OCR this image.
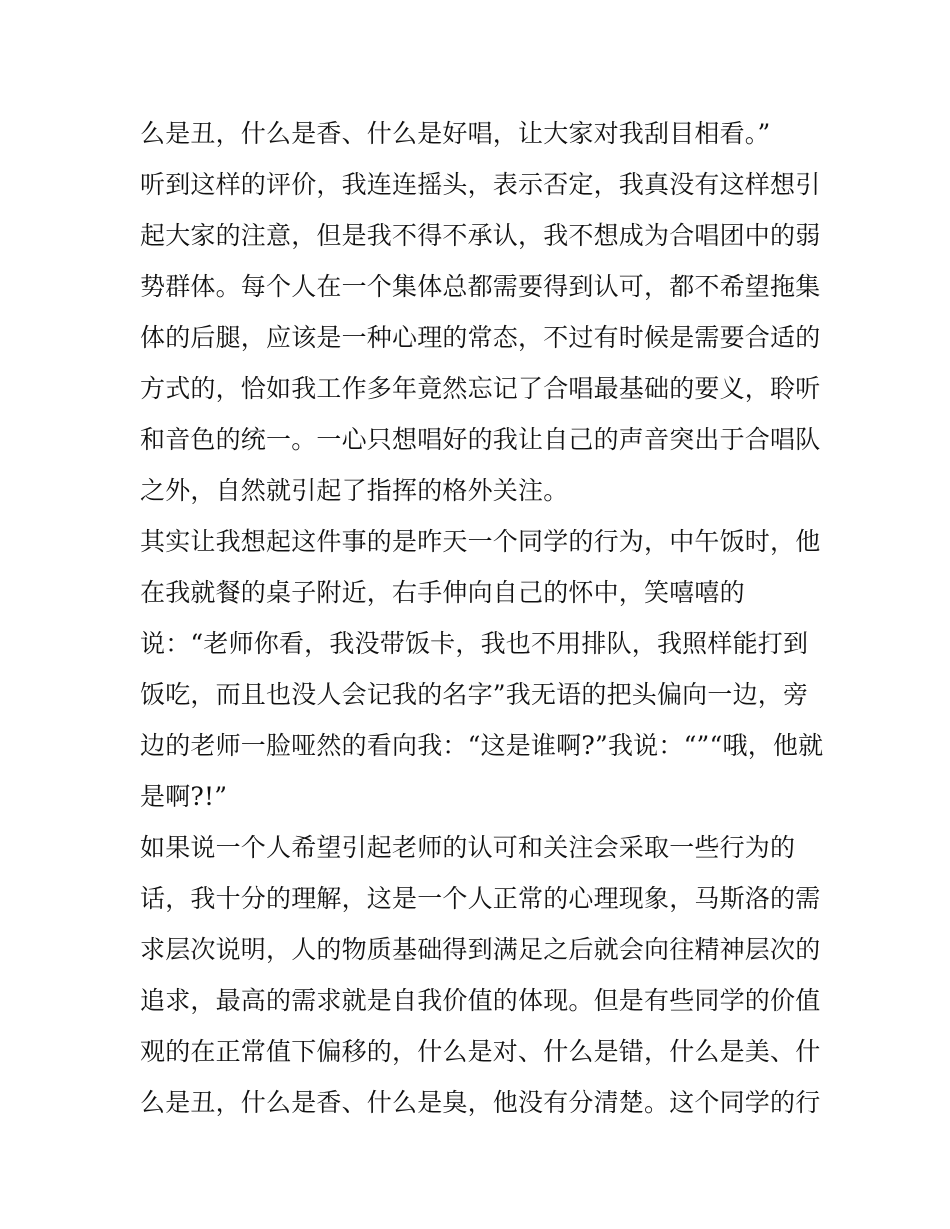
么是丑，什么是香、什么是好唱，让大家对我刮目相看。”
听到这样的评价，我连连摇头，表示否定，我真没有这样想引
起大家的注意，但是我不得不承认，我不想成为合唱团中的弱
势群体。每个人在一个集体总都需要得到认可，都不希望拖集
体的后腿，应该是一种心理的常态，不过有时候是需要合适的
方式的，恰如我工作多年竟然忘记了合唱最基础的要义，聆听
和音色的统一。一心只想唱好的我让自己的声音突出于合唱队
之外，自然就引起了指挥的格外关注。
其实让我想起这件事的是昨天一个同学的行为，中午饭时，他
在我就餐的桌子附近，右手伸向自己的怀中，笑嘻嘻的
说：“老师你看，我没带饭卡，我也不用排队，我照样能打到
饭吃，而且也没人会记我的名字”我无语的把头偏向一边，旁
边的老师一脸哑然的看向我：“这是谁啊?”我说：“”“哦，他就
是啊?!”
如果说一个人希望引起老师的认可和关注会采取一些行为的
话，我十分的理解，这是一个人正常的心理现象，马斯洛的需
求层次说明，人的物质基础得到满足之后就会向往精神层次的
追求，最高的需求就是自我价值的体现。但是有些同学的价值
观的在正常值下偏移的，什么是对、什么是错，什么是美、什
么是丑，什么是香、什么是臭，他没有分清楚。这个同学的行
